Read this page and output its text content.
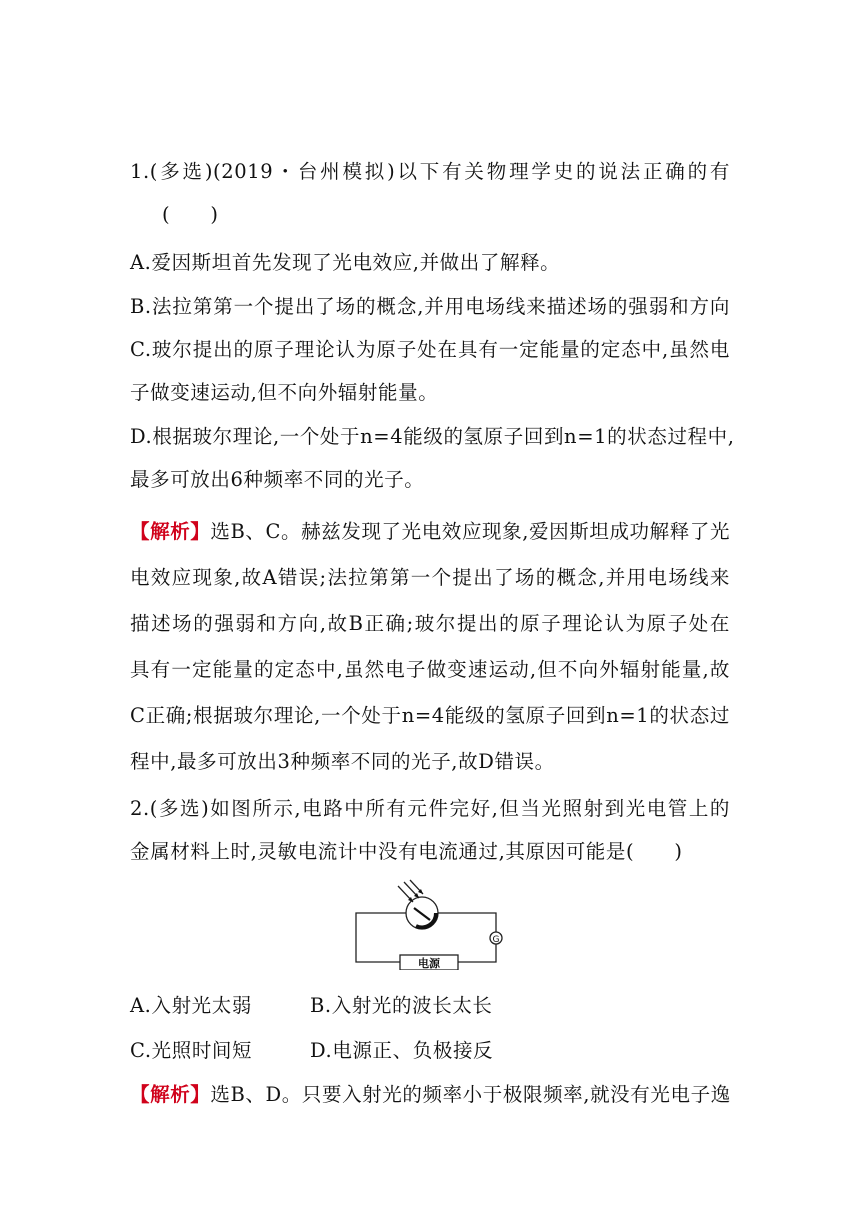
1.(多选)(2019・台州模拟)以下有关物理学史的说法正确的有
(　　)
A.爱因斯坦首先发现了光电效应,并做出了解释。
B.法拉第第一个提出了场的概念,并用电场线来描述场的强弱和方向
C.玻尔提出的原子理论认为原子处在具有一定能量的定态中,虽然电
子做变速运动,但不向外辐射能量。
D.根据玻尔理论,一个处于n=4能级的氢原子回到n=1的状态过程中,
最多可放出6种频率不同的光子。
【解析】选B、C。赫兹发现了光电效应现象,爱因斯坦成功解释了光
电效应现象,故A错误;法拉第第一个提出了场的概念,并用电场线来
描述场的强弱和方向,故B正确;玻尔提出的原子理论认为原子处在
具有一定能量的定态中,虽然电子做变速运动,但不向外辐射能量,故
C正确;根据玻尔理论,一个处于n=4能级的氢原子回到n=1的状态过
程中,最多可放出3种频率不同的光子,故D错误。
2.(多选)如图所示,电路中所有元件完好,但当光照射到光电管上的
金属材料上时,灵敏电流计中没有电流通过,其原因可能是(　　)
电源
G
A.入射光太弱	B.入射光的波长太长
C.光照时间短	D.电源正、负极接反
【解析】选B、D。只要入射光的频率小于极限频率,就没有光电子逸
